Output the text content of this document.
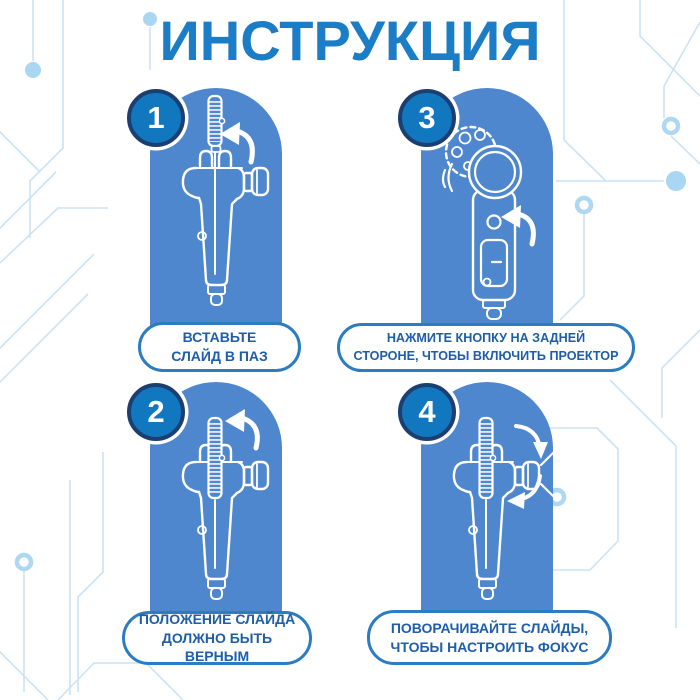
ИНСТРУКЦИЯ
1
ВСТАВЬТЕ
СЛАЙД В ПАЗ
3
НАЖМИТЕ КНОПКУ НА ЗАДНЕЙ
СТОРОНЕ, ЧТОБЫ ВКЛЮЧИТЬ ПРОЕКТОР
2
ПОЛОЖЕНИЕ СЛАЙДА
ДОЛЖНО БЫТЬ ВЕРНЫМ
4
ПОВОРАЧИВАЙТЕ СЛАЙДЫ,
ЧТОБЫ НАСТРОИТЬ ФОКУС
